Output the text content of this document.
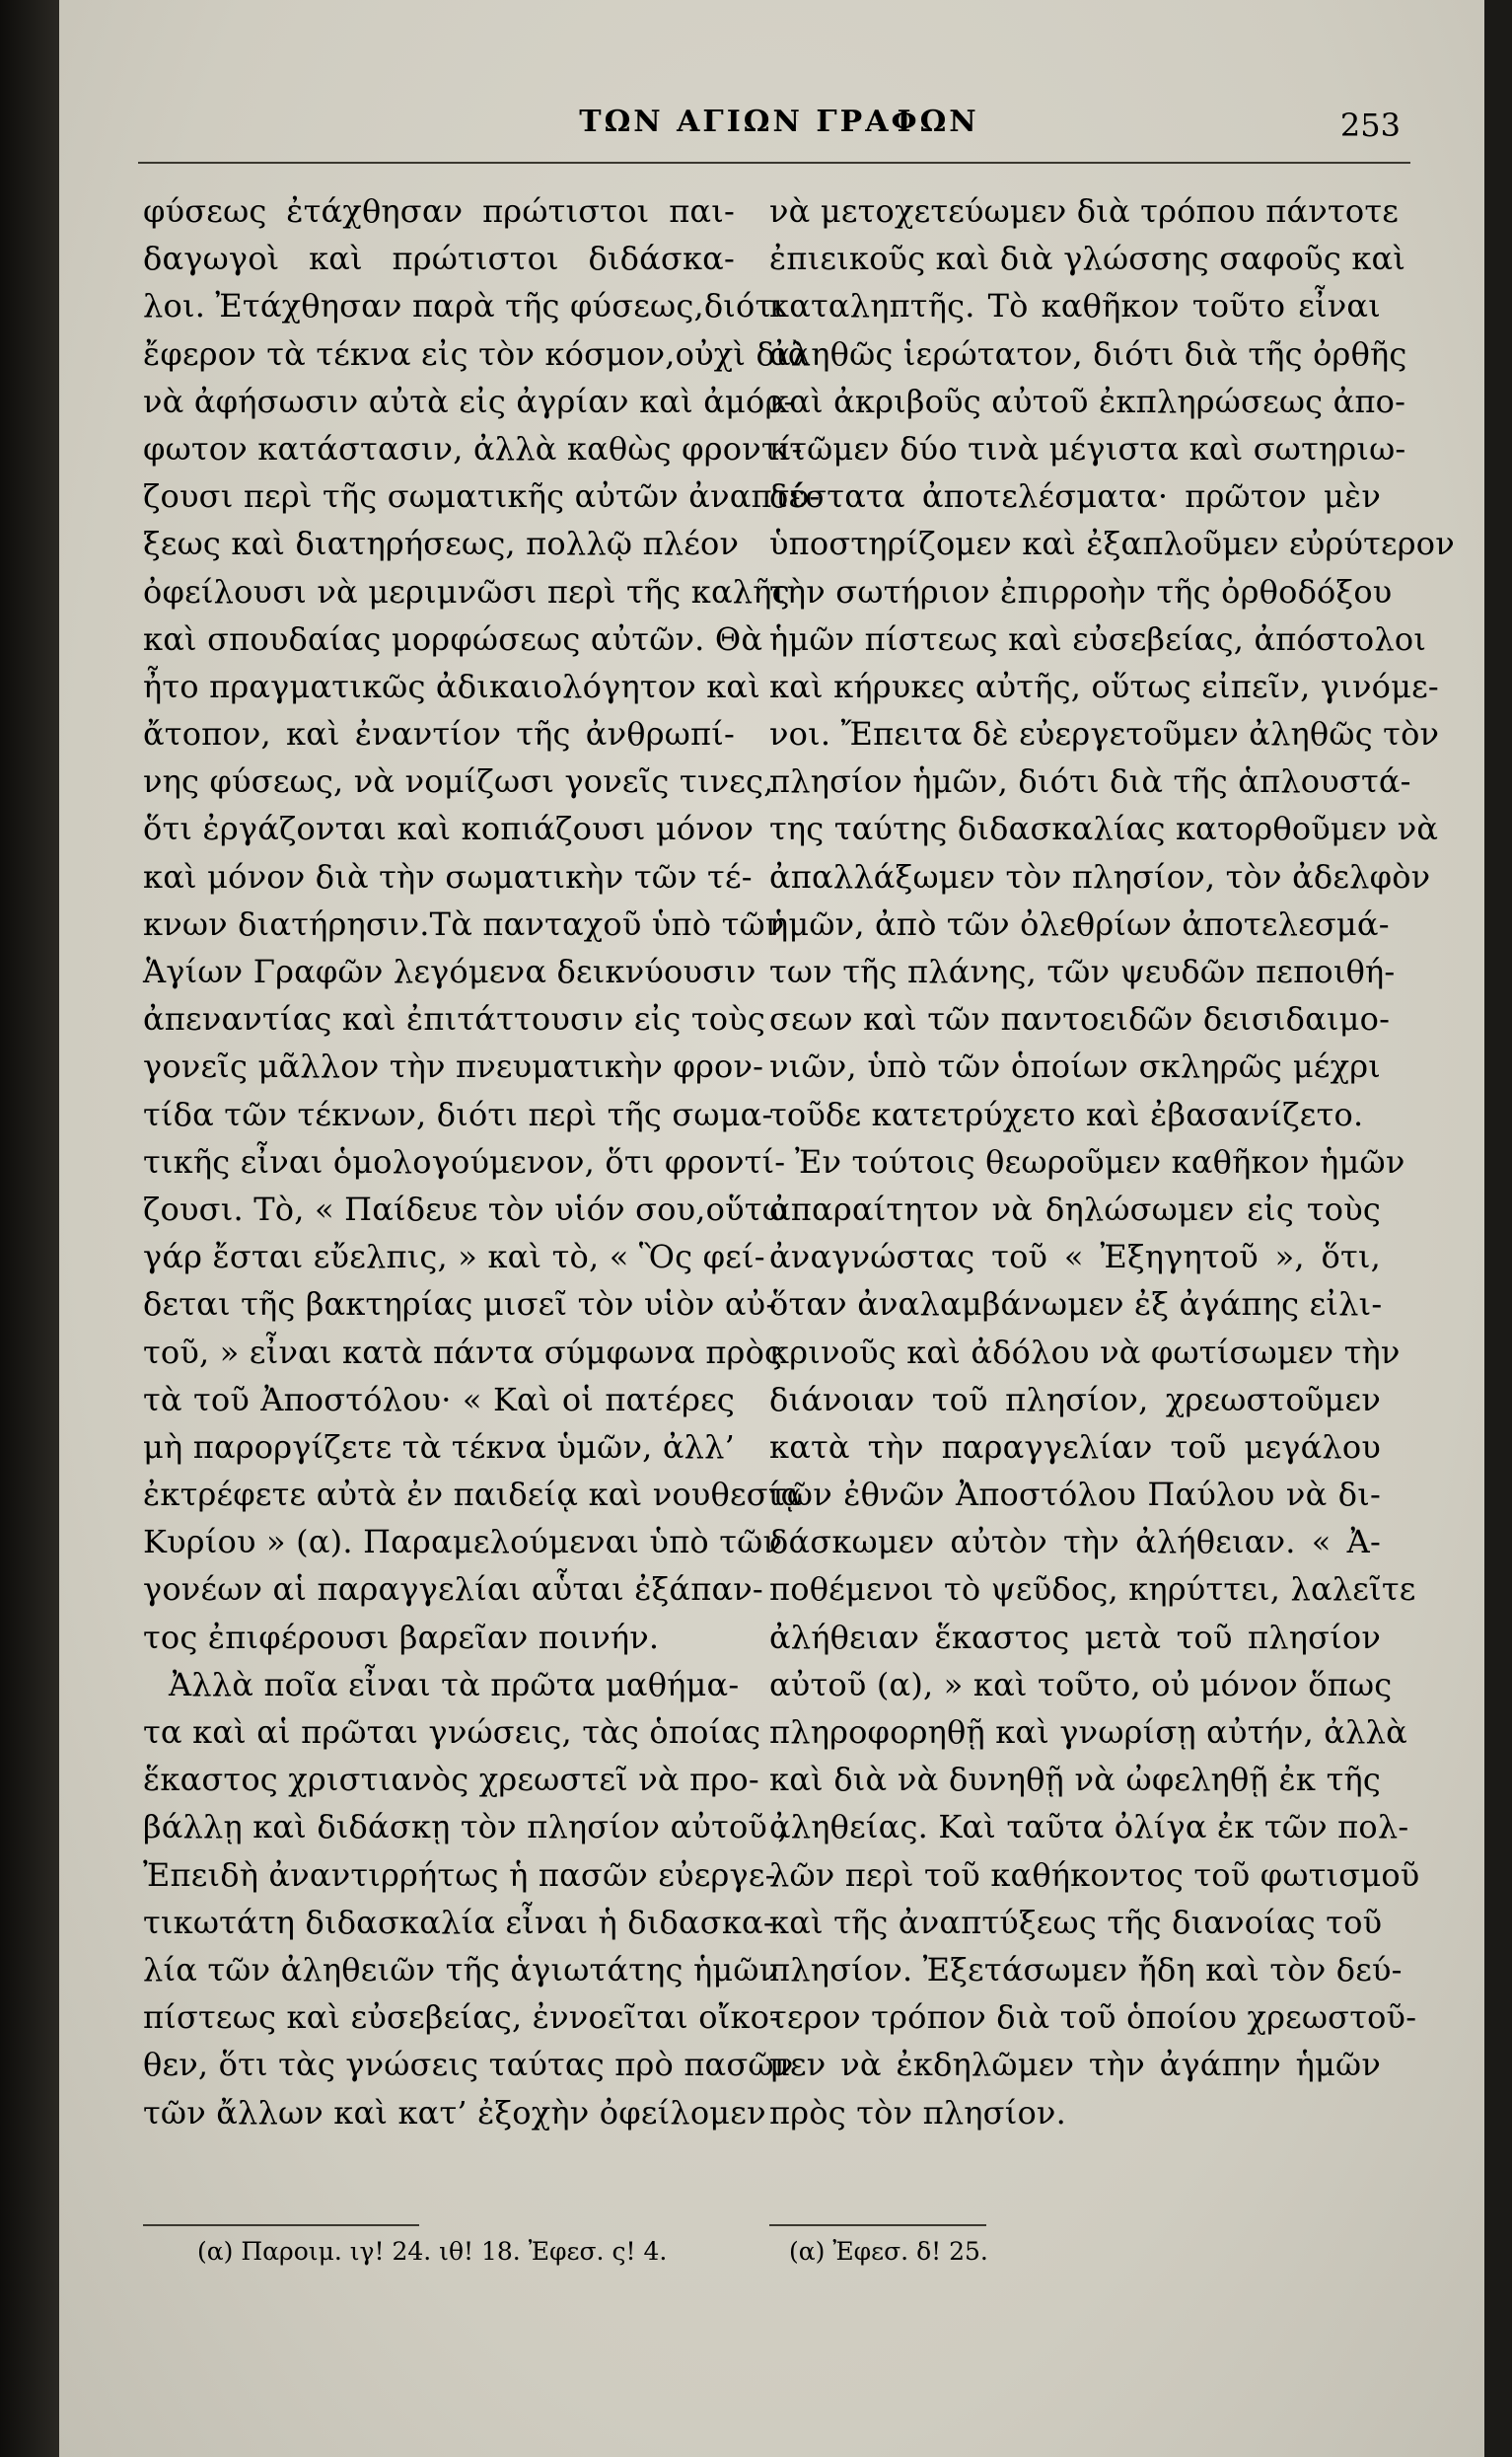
ΤΩΝ ΑΓΙΩΝ ΓΡΑΦΩΝ	253
φύσεως ἐτάχθησαν πρώτιστοι παι-
δαγωγοὶ καὶ πρώτιστοι διδάσκα-
λοι. Ἐτάχθησαν παρὰ τῆς φύσεως,διότι
ἔφερον τὰ τέκνα εἰς τὸν κόσμον,οὐχὶ διὰ
νὰ ἀφήσωσιν αὐτὰ εἰς ἀγρίαν καὶ ἀμόρ-
φωτον κατάστασιν, ἀλλὰ καθὼς φροντί-
ζουσι περὶ τῆς σωματικῆς αὐτῶν ἀναπτύ-
ξεως καὶ διατηρήσεως, πολλῷ πλέον
ὀφείλουσι νὰ μεριμνῶσι περὶ τῆς καλῆς
καὶ σπουδαίας μορφώσεως αὐτῶν. Θὰ
ἦτο πραγματικῶς ἀδικαιολόγητον καὶ
ἄτοπον, καὶ ἐναντίον τῆς ἀνθρωπί-
νης φύσεως, νὰ νομίζωσι γονεῖς τινες,
ὅτι ἐργάζονται καὶ κοπιάζουσι μόνον
καὶ μόνον διὰ τὴν σωματικὴν τῶν τέ-
κνων διατήρησιν.Τὰ πανταχοῦ ὑπὸ τῶν
Ἁγίων Γραφῶν λεγόμενα δεικνύουσιν
ἀπεναντίας καὶ ἐπιτάττουσιν εἰς τοὺς
γονεῖς μᾶλλον τὴν πνευματικὴν φρον-
τίδα τῶν τέκνων, διότι περὶ τῆς σωμα-
τικῆς εἶναι ὁμολογούμενον, ὅτι φροντί-
ζουσι. Τὸ, « Παίδευε τὸν υἱόν σου,οὕτω
γάρ ἔσται εὔελπις, » καὶ τὸ, « Ὃς φεί-
δεται τῆς βακτηρίας μισεῖ τὸν υἱὸν αὐ-
τοῦ, » εἶναι κατὰ πάντα σύμφωνα πρὸς
τὰ τοῦ Ἀποστόλου· « Καὶ οἱ πατέρες
μὴ παροργίζετε τὰ τέκνα ὑμῶν, ἀλλ’
ἐκτρέφετε αὐτὰ ἐν παιδείᾳ καὶ νουθεσίᾳ
Κυρίου » (α). Παραμελούμεναι ὑπὸ τῶν
γονέων αἱ παραγγελίαι αὗται ἐξάπαν-
τος ἐπιφέρουσι βαρεῖαν ποινήν.
Ἀλλὰ ποῖα εἶναι τὰ πρῶτα μαθήμα-
τα καὶ αἱ πρῶται γνώσεις, τὰς ὁποίας
ἕκαστος χριστιανὸς χρεωστεῖ νὰ προ-
βάλλῃ καὶ διδάσκῃ τὸν πλησίον αὐτοῦ ;
Ἐπειδὴ ἀναντιρρήτως ἡ πασῶν εὐεργε-
τικωτάτη διδασκαλία εἶναι ἡ διδασκα-
λία τῶν ἀληθειῶν τῆς ἁγιωτάτης ἡμῶν
πίστεως καὶ εὐσεβείας, ἐννοεῖται οἴκο-
θεν, ὅτι τὰς γνώσεις ταύτας πρὸ πασῶν
τῶν ἄλλων καὶ κατ’ ἐξοχὴν ὀφείλομεν
νὰ μετοχετεύωμεν διὰ τρόπου πάντοτε
ἐπιεικοῦς καὶ διὰ γλώσσης σαφοῦς καὶ
καταληπτῆς. Τὸ καθῆκον τοῦτο εἶναι
ἀληθῶς ἱερώτατον, διότι διὰ τῆς ὀρθῆς
καὶ ἀκριβοῦς αὐτοῦ ἐκπληρώσεως ἀπο-
κτῶμεν δύο τινὰ μέγιστα καὶ σωτηριω-
δέστατα ἀποτελέσματα· πρῶτον μὲν
ὑποστηρίζομεν καὶ ἐξαπλοῦμεν εὐρύτερον
τὴν σωτήριον ἐπιρροὴν τῆς ὀρθοδόξου
ἡμῶν πίστεως καὶ εὐσεβείας, ἀπόστολοι
καὶ κήρυκες αὐτῆς, οὕτως εἰπεῖν, γινόμε-
νοι. Ἔπειτα δὲ εὐεργετοῦμεν ἀληθῶς τὸν
πλησίον ἡμῶν, διότι διὰ τῆς ἁπλουστά-
της ταύτης διδασκαλίας κατορθοῦμεν νὰ
ἀπαλλάξωμεν τὸν πλησίον, τὸν ἀδελφὸν
ἡμῶν, ἀπὸ τῶν ὀλεθρίων ἀποτελεσμά-
των τῆς πλάνης, τῶν ψευδῶν πεποιθή-
σεων καὶ τῶν παντοειδῶν δεισιδαιμο-
νιῶν, ὑπὸ τῶν ὁποίων σκληρῶς μέχρι
τοῦδε κατετρύχετο καὶ ἐβασανίζετο.
Ἐν τούτοις θεωροῦμεν καθῆκον ἡμῶν
ἀπαραίτητον νὰ δηλώσωμεν εἰς τοὺς
ἀναγνώστας τοῦ « Ἐξηγητοῦ », ὅτι,
ὅταν ἀναλαμβάνωμεν ἐξ ἀγάπης εἰλι-
κρινοῦς καὶ ἀδόλου νὰ φωτίσωμεν τὴν
διάνοιαν τοῦ πλησίον, χρεωστοῦμεν
κατὰ τὴν παραγγελίαν τοῦ μεγάλου
τῶν ἐθνῶν Ἀποστόλου Παύλου νὰ δι-
δάσκωμεν αὐτὸν τὴν ἀλήθειαν. « Ἀ-
ποθέμενοι τὸ ψεῦδος, κηρύττει, λαλεῖτε
ἀλήθειαν ἕκαστος μετὰ τοῦ πλησίον
αὐτοῦ (α), » καὶ τοῦτο, οὐ μόνον ὅπως
πληροφορηθῇ καὶ γνωρίσῃ αὐτήν, ἀλλὰ
καὶ διὰ νὰ δυνηθῇ νὰ ὠφεληθῇ ἐκ τῆς
ἀληθείας. Καὶ ταῦτα ὀλίγα ἐκ τῶν πολ-
λῶν περὶ τοῦ καθήκοντος τοῦ φωτισμοῦ
καὶ τῆς ἀναπτύξεως τῆς διανοίας τοῦ
πλησίον. Ἐξετάσωμεν ἤδη καὶ τὸν δεύ-
τερον τρόπον διὰ τοῦ ὁποίου χρεωστοῦ-
μεν νὰ ἐκδηλῶμεν τὴν ἀγάπην ἡμῶν
πρὸς τὸν πλησίον.
(α) Παροιμ. ιγ! 24. ιθ! 18. Ἐφεσ. ς! 4.	(α) Ἐφεσ. δ! 25.
